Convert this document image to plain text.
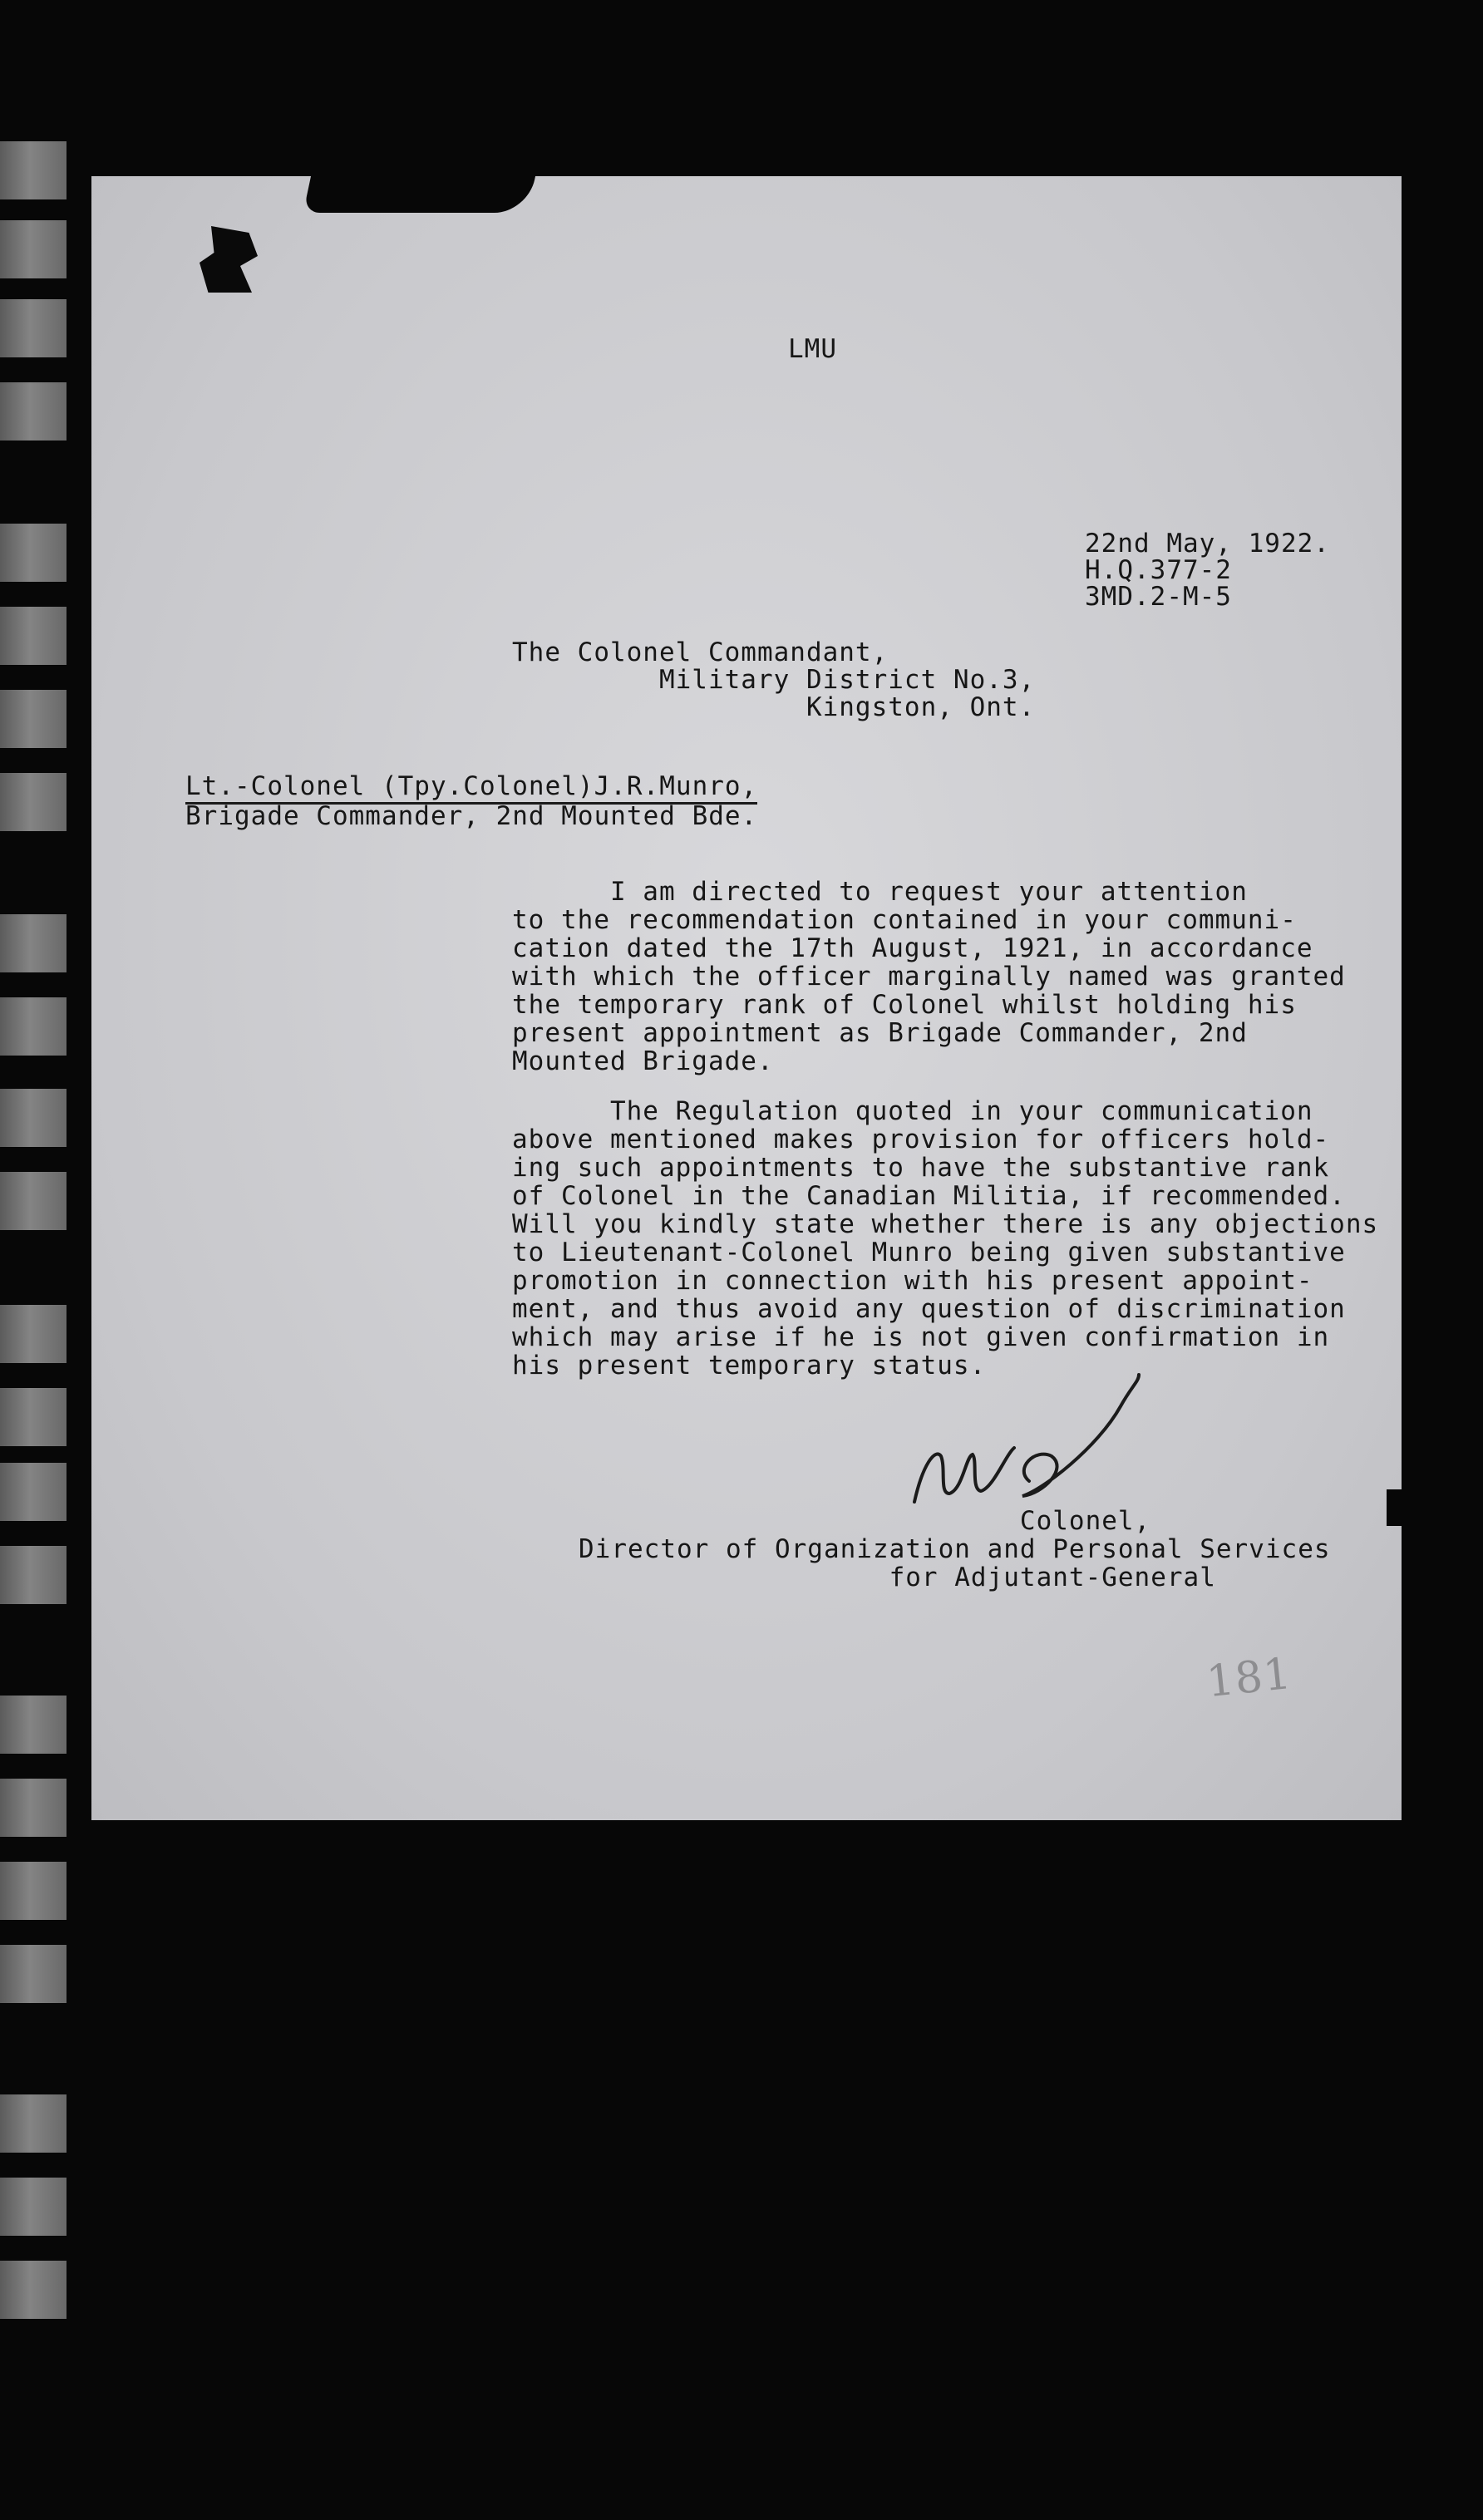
LMU

22nd May, 1922.

H.Q.377-2

3MD.2-M-5

The Colonel Commandant,

Military District No.3,

Kingston, Ont.

Lt.-Colonel (Tpy.Colonel)J.R.Munro,

Brigade Commander, 2nd Mounted Bde.

I am directed to request your attention

to the recommendation contained in your communi-

cation dated the 17th August, 1921, in accordance

with which the officer marginally named was granted

the temporary rank of Colonel whilst holding his

present appointment as Brigade Commander, 2nd

Mounted Brigade.

The Regulation quoted in your communication

above mentioned makes provision for officers hold-

ing such appointments to have the substantive rank

of Colonel in the Canadian Militia, if recommended.

Will you kindly state whether there is any objections

to Lieutenant-Colonel Munro being given substantive

promotion in connection with his present appoint-

ment, and thus avoid any question of discrimination

which may arise if he is not given confirmation in

his present temporary status.

Colonel,

Director of Organization and Personal Services

for Adjutant-General

181
